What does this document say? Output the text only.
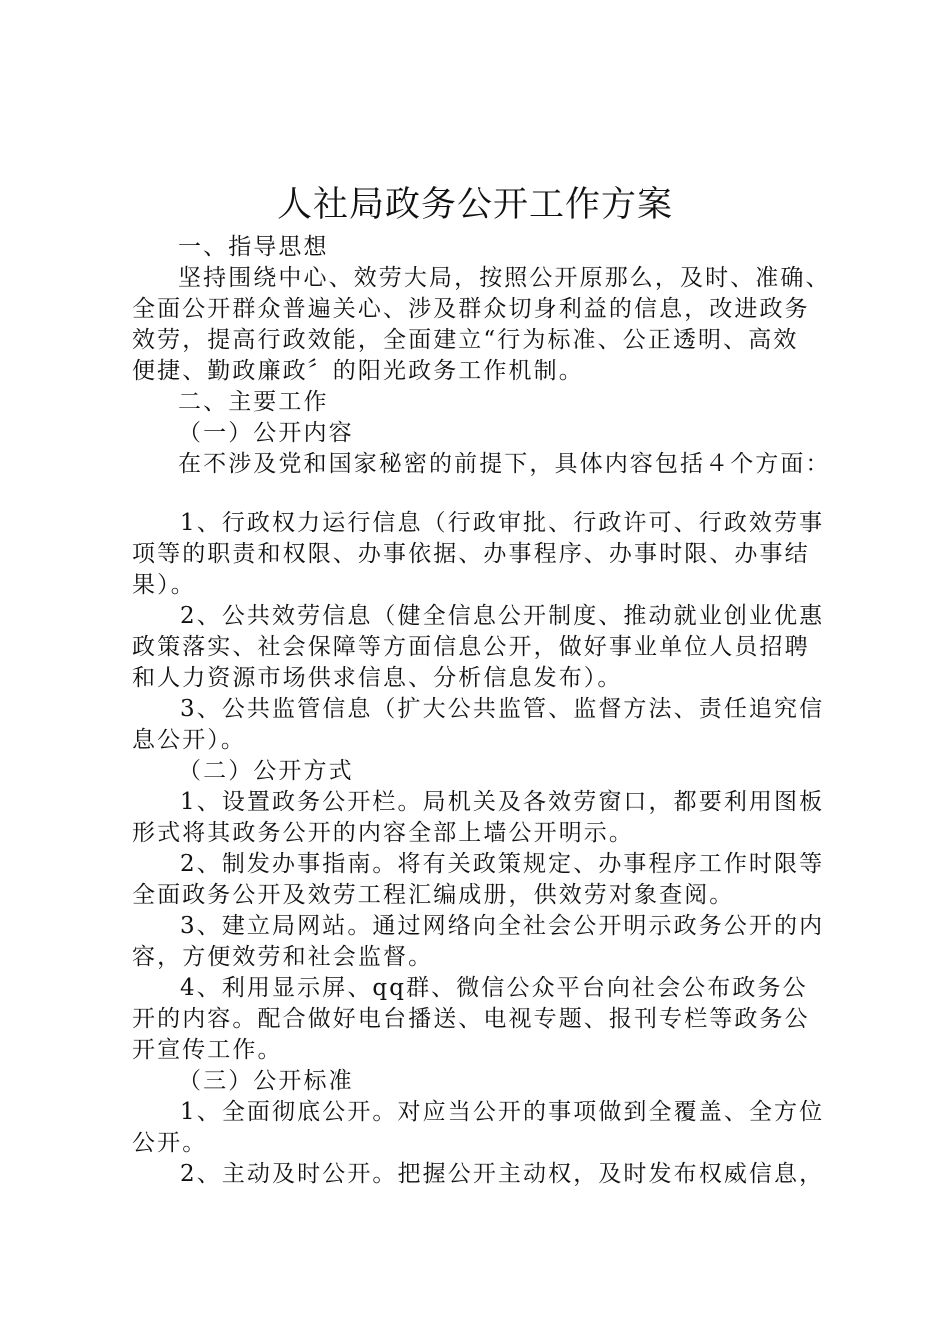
人社局政务公开工作方案
一、指导思想
坚持围绕中心、效劳大局，按照公开原那么，及时、准确、
全面公开群众普遍关心、涉及群众切身利益的信息，改进政务
效劳，提高行政效能，全面建立“行为标准、公正透明、高效
便捷、勤政廉政〞的阳光政务工作机制。
二、主要工作
（一）公开内容
在不涉及党和国家秘密的前提下，具体内容包括４个方面：
1、行政权力运行信息（行政审批、行政许可、行政效劳事
项等的职责和权限、办事依据、办事程序、办事时限、办事结
果）。
2、公共效劳信息（健全信息公开制度、推动就业创业优惠
政策落实、社会保障等方面信息公开，做好事业单位人员招聘
和人力资源市场供求信息、分析信息发布）。
3、公共监管信息（扩大公共监管、监督方法、责任追究信
息公开）。
（二）公开方式
1、设置政务公开栏。局机关及各效劳窗口，都要利用图板
形式将其政务公开的内容全部上墙公开明示。
2、制发办事指南。将有关政策规定、办事程序工作时限等
全面政务公开及效劳工程汇编成册，供效劳对象查阅。
3、建立局网站。通过网络向全社会公开明示政务公开的内
容，方便效劳和社会监督。
4、利用显示屏、qq群、微信公众平台向社会公布政务公
开的内容。配合做好电台播送、电视专题、报刊专栏等政务公
开宣传工作。
（三）公开标准
1、全面彻底公开。对应当公开的事项做到全覆盖、全方位
公开。
2、主动及时公开。把握公开主动权，及时发布权威信息，
